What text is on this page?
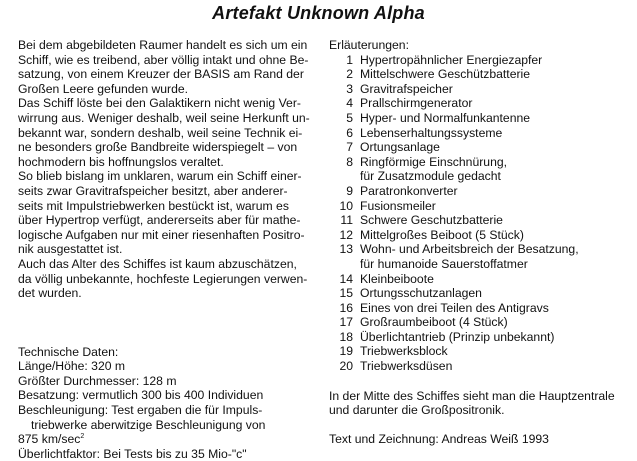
Artefakt Unknown Alpha
Bei dem abgebildeten Raumer handelt es sich um ein
Schiff, wie es treibend, aber völlig intakt und ohne Be-
satzung, von einem Kreuzer der BASIS am Rand der
Großen Leere gefunden wurde.
Das Schiff löste bei den Galaktikern nicht wenig Ver-
wirrung aus. Weniger deshalb, weil seine Herkunft un-
bekannt war, sondern deshalb, weil seine Technik ei-
ne besonders große Bandbreite widerspiegelt – von
hochmodern bis hoffnungslos veraltet.
So blieb bislang im unklaren, warum ein Schiff einer-
seits zwar Gravitrafspeicher besitzt, aber anderer-
seits mit Impulstriebwerken bestückt ist, warum es
über Hypertrop verfügt, andererseits aber für mathe-
logische Aufgaben nur mit einer riesenhaften Positro-
nik ausgestattet ist.
Auch das Alter des Schiffes ist kaum abzuschätzen,
da völlig unbekannte, hochfeste Legierungen verwen-
det wurden.
Technische Daten:
Länge/Höhe: 320 m
Größter Durchmesser: 128 m
Besatzung: vermutlich 300 bis 400 Individuen
Beschleunigung: Test ergaben die für Impuls-
triebwerke aberwitzige Beschleunigung von
875 $km/\sec^2$
Überlichtfaktor: Bei Tests bis zu 35 Mio-"c"
Erläuterungen:
1 Hypertropähnlicher Energiezapfer
2 Mittelschwere Geschützbatterie
3 Gravitrafspeicher
4 Prallschirmgenerator
5 Hyper- und Normalfunkantenne
6 Lebenserhaltungssysteme
7 Ortungsanlage
8 Ringförmige Einschnürung,
für Zusatzmodule gedacht
9 Paratronkonverter
10 Fusionsmeiler
11 Schwere Geschutzbatterie
12 Mittelgroßes Beiboot (5 Stück)
13 Wohn- und Arbeitsbreich der Besatzung,
für humanoide Sauerstoffatmer
14 Kleinbeiboote
15 Ortungsschutzanlagen
16 Eines von drei Teilen des Antigravs
17 Großraumbeiboot (4 Stück)
18 Überlichtantrieb (Prinzip unbekannt)
19 Triebwerksblock
20 Triebwerksdüsen
In der Mitte des Schiffes sieht man die Hauptzentrale
und darunter die Großpositronik.
Text und Zeichnung: Andreas Weiß 1993
